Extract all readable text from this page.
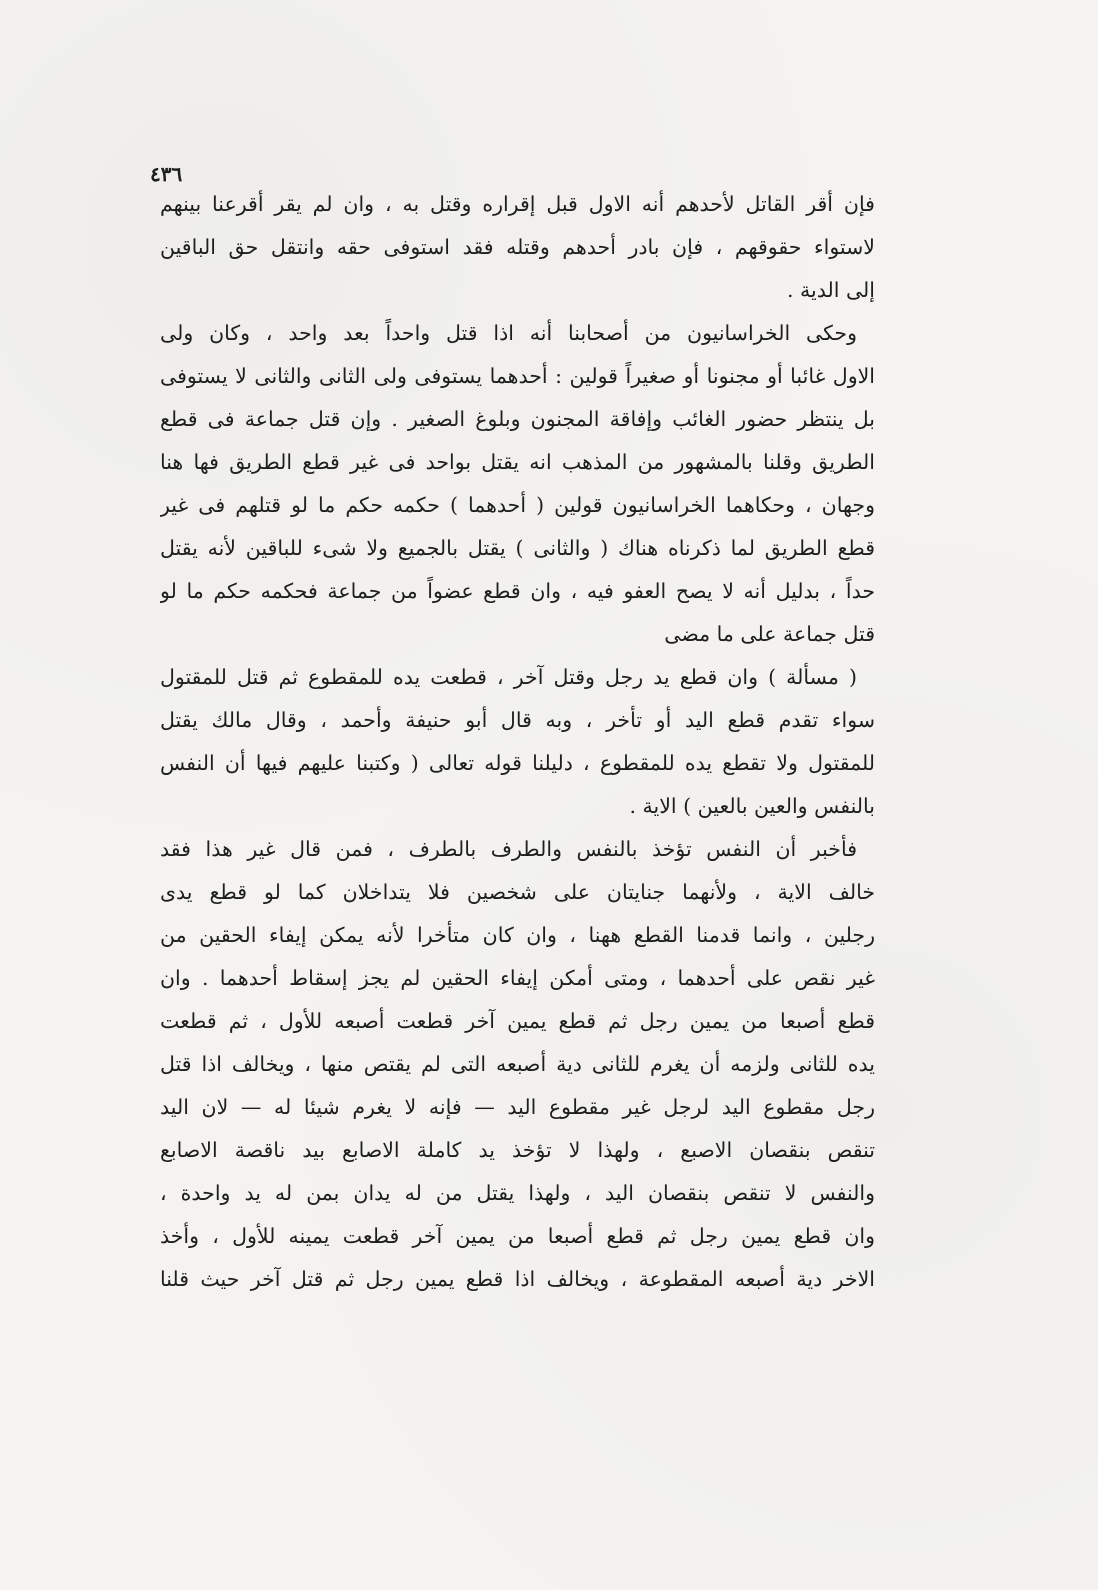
٤٣٦
فإن أقر القاتل لأحدهم أنه الاول قبل إقراره وقتل به ، وان لم يقر أقرعنا بينهم
لاستواء حقوقهم ، فإن بادر أحدهم وقتله فقد استوفى حقه وانتقل حق الباقين
إلى الدية .
وحكى الخراسانيون من أصحابنا أنه اذا قتل واحداً بعد واحد ، وكان ولى
الاول غائبا أو مجنونا أو صغيراً قولين : أحدهما يستوفى ولى الثانى والثانى لا يستوفى
بل ينتظر حضور الغائب وإفاقة المجنون وبلوغ الصغير . وإن قتل جماعة فى قطع
الطريق وقلنا بالمشهور من المذهب انه يقتل بواحد فى غير قطع الطريق فها هنا
وجهان ، وحكاهما الخراسانيون قولين ( أحدهما ) حكمه حكم ما لو قتلهم فى غير
قطع الطريق لما ذكرناه هناك ( والثانى ) يقتل بالجميع ولا شىء للباقين لأنه يقتل
حداً ، بدليل أنه لا يصح العفو فيه ، وان قطع عضواً من جماعة فحكمه حكم ما لو
قتل جماعة على ما مضى
( مسألة ) وان قطع يد رجل وقتل آخر ، قطعت يده للمقطوع ثم قتل للمقتول
سواء تقدم قطع اليد أو تأخر ، وبه قال أبو حنيفة وأحمد ، وقال مالك يقتل
للمقتول ولا تقطع يده للمقطوع ، دليلنا قوله تعالى ( وكتبنا عليهم فيها أن النفس
بالنفس والعين بالعين ) الاية .
فأخبر أن النفس تؤخذ بالنفس والطرف بالطرف ، فمن قال غير هذا فقد
خالف الاية ، ولأنهما جنايتان على شخصين فلا يتداخلان كما لو قطع يدى
رجلين ، وانما قدمنا القطع ههنا ، وان كان متأخرا لأنه يمكن إيفاء الحقين من
غير نقص على أحدهما ، ومتى أمكن إيفاء الحقين لم يجز إسقاط أحدهما . وان
قطع أصبعا من يمين رجل ثم قطع يمين آخر قطعت أصبعه للأول ، ثم قطعت
يده للثانى ولزمه أن يغرم للثانى دية أصبعه التى لم يقتص منها ، ويخالف اذا قتل
رجل مقطوع اليد لرجل غير مقطوع اليد — فإنه لا يغرم شيئا له — لان اليد
تنقص بنقصان الاصبع ، ولهذا لا تؤخذ يد كاملة الاصابع بيد ناقصة الاصابع
والنفس لا تنقص بنقصان اليد ، ولهذا يقتل من له يدان بمن له يد واحدة ،
وان قطع يمين رجل ثم قطع أصبعا من يمين آخر قطعت يمينه للأول ، وأخذ
الاخر دية أصبعه المقطوعة ، ويخالف اذا قطع يمين رجل ثم قتل آخر حيث قلنا
